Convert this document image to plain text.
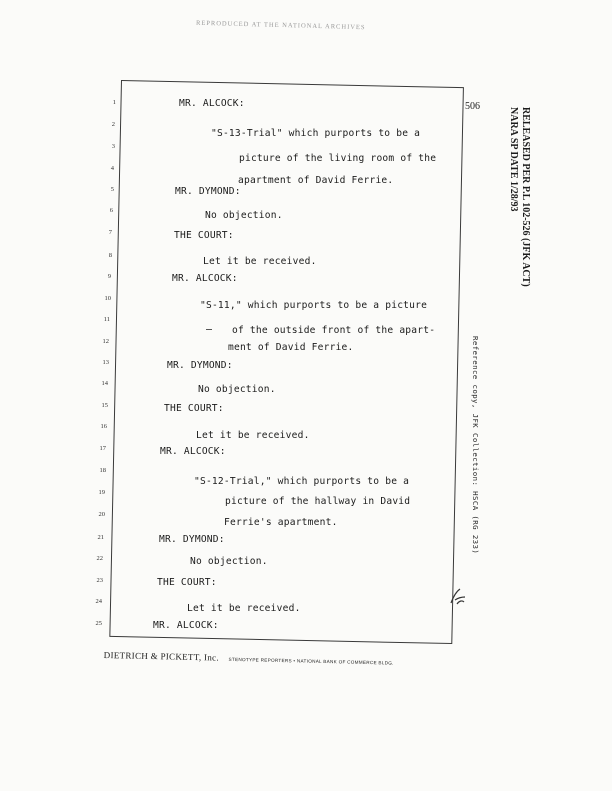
REPRODUCED AT THE NATIONAL ARCHIVES
506
1
2
3
4
5
6
7
8
9
10
11
12
13
14
15
16
17
18
19
20
21
22
23
24
25
MR. ALCOCK:
"S-13-Trial" which purports to be a
picture of the living room of the
apartment of David Ferrie.
MR. DYMOND:
No objection.
THE COURT:
Let it be received.
MR. ALCOCK:
"S-11," which purports to be a picture
of the outside front of the apart-
ment of David Ferrie.
MR. DYMOND:
No objection.
THE COURT:
Let it be received.
MR. ALCOCK:
"S-12-Trial," which purports to be a
picture of the hallway in David
Ferrie's apartment.
MR. DYMOND:
No objection.
THE COURT:
Let it be received.
MR. ALCOCK:
DIETRICH & PICKETT, Inc. STENOTYPE REPORTERS • NATIONAL BANK OF COMMERCE BLDG.
RELEASED PER P.L 102-526 (JFK ACT)
NARA SP DATE 1/28/93
Reference copy, JFK Collection: HSCA (RG 233)
